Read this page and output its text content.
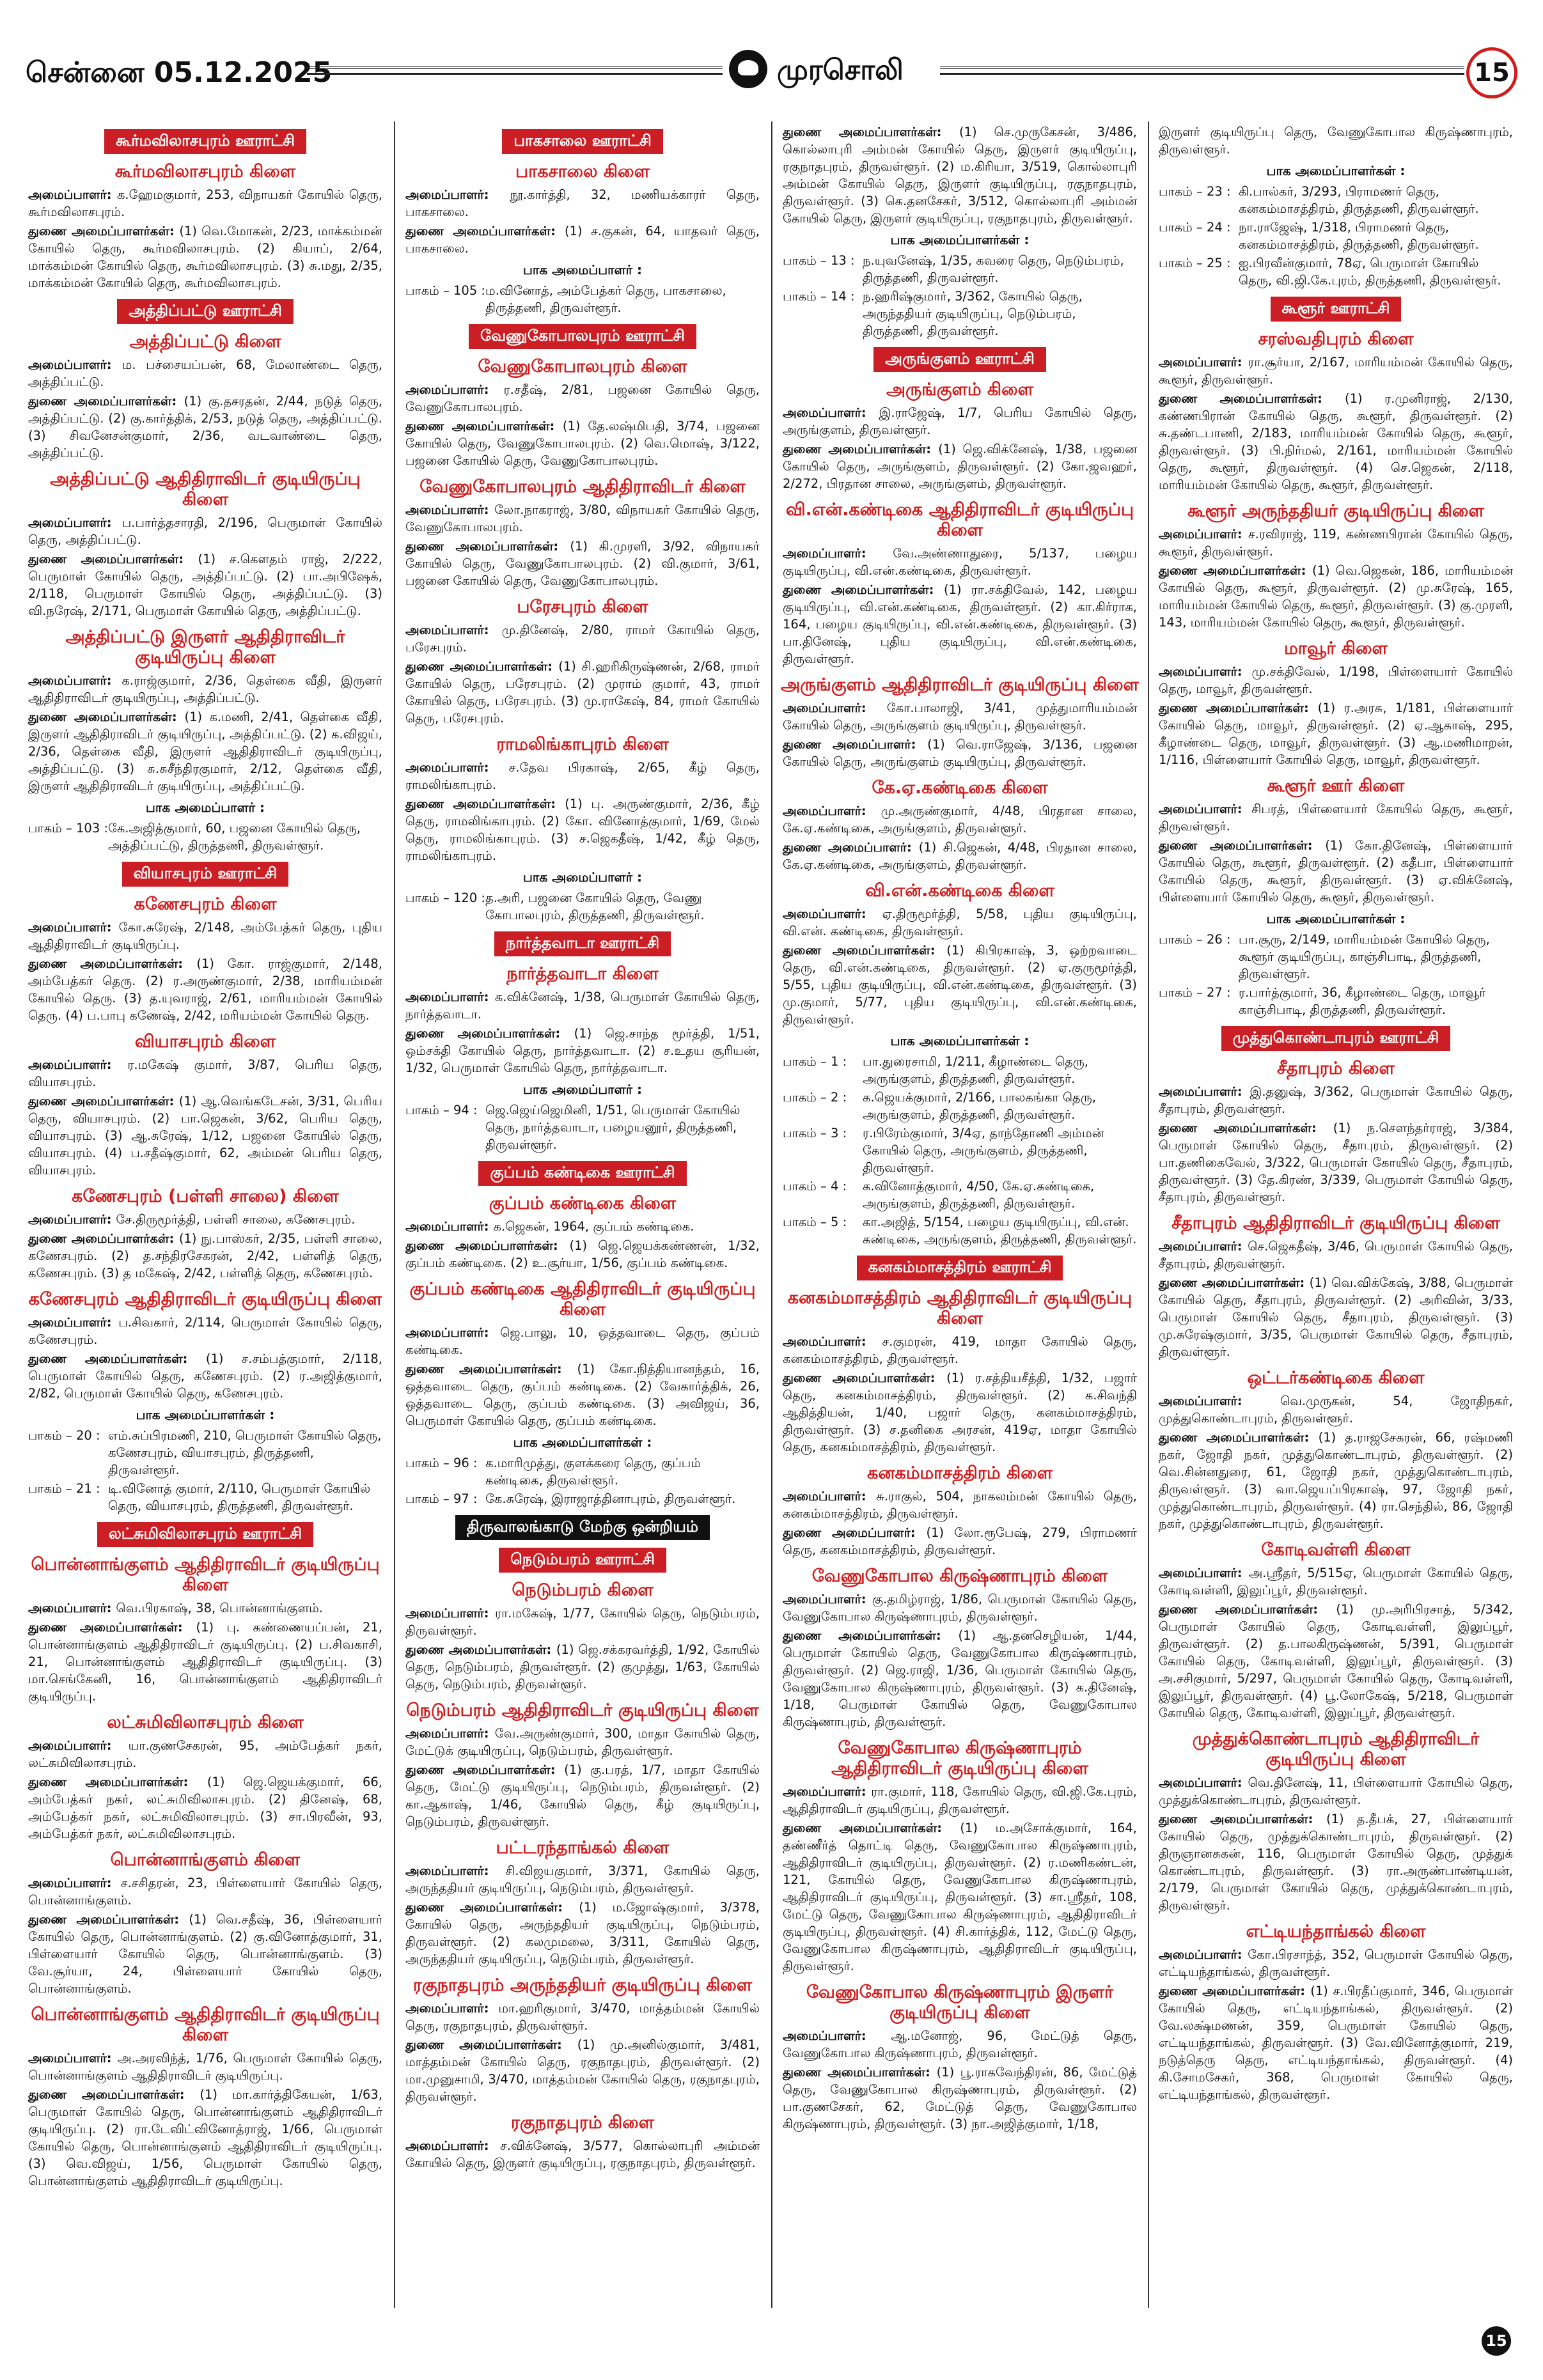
சென்னை 05.12.2025	முரசொலி	15
கூர்மவிலாசபுரம் ஊராட்சி
கூர்மவிலாசபுரம் கிளை
அமைப்பாளர்: க.ஹேமகுமார், 253, விநாயகர் கோயில் தெரு, கூர்மவிலாசபுரம்.
துணை அமைப்பாளர்கள்: (1) வெ.மோகன், 2/23, மாக்கம்மன் கோயில் தெரு, கூர்மவிலாசபுரம். (2) கியாப், 2/64, மாக்கம்மன் கோயில் தெரு, கூர்மவிலாசபுரம். (3) சு.மது, 2/35, மாக்கம்மன் கோயில் தெரு, கூர்மவிலாசபுரம்.
அத்திப்பட்டு ஊராட்சி
அத்திப்பட்டு கிளை
அமைப்பாளர்: ம. பச்சையப்பன், 68, மேலாண்டை தெரு, அத்திப்பட்டு.
துணை அமைப்பாளர்கள்: (1) கு.தசரதன், 2/44, நடுத் தெரு, அத்திப்பட்டு. (2) கு.கார்த்திக், 2/53, நடுத் தெரு, அத்திப்பட்டு. (3) சிவனேசன்குமார், 2/36, வடவாண்டை தெரு, அத்திப்பட்டு.
அத்திப்பட்டு ஆதிதிராவிடர் குடியிருப்பு கிளை
அமைப்பாளர்: ப.பார்த்தசாரதி, 2/196, பெருமாள் கோயில் தெரு, அத்திப்பட்டு.
துணை அமைப்பாளர்கள்: (1) ச.கௌதம் ராஜ், 2/222, பெருமாள் கோயில் தெரு, அத்திப்பட்டு. (2) பா.அபிஷேக், 2/118, பெருமாள் கோயில் தெரு, அத்திப்பட்டு. (3) வி.நரேஷ், 2/171, பெருமாள் கோயில் தெரு, அத்திப்பட்டு.
அத்திப்பட்டு இருளர் ஆதிதிராவிடர் குடியிருப்பு கிளை
அமைப்பாளர்: க.ராஜ்குமார், 2/36, தெள்கை வீதி, இருளர் ஆதிதிராவிடர் குடியிருப்பு, அத்திப்பட்டு.
துணை அமைப்பாளர்கள்: (1) க.மணி, 2/41, தெள்கை வீதி, இருளர் ஆதிதிராவிடர் குடியிருப்பு, அத்திப்பட்டு. (2) க.விஜய், 2/36, தெள்கை வீதி, இருளர் ஆதிதிராவிடர் குடியிருப்பு, அத்திப்பட்டு. (3) சு.சுசீந்திரகுமார், 2/12, தெள்கை வீதி, இருளர் ஆதிதிராவிடர் குடியிருப்பு, அத்திப்பட்டு.
பாக அமைப்பாளர் :
பாகம் – 103 : கே.அஜித்குமார், 60, பஜனை கோயில் தெரு, அத்திப்பட்டு, திருத்தணி, திருவள்ளூர்.
வியாசபுரம் ஊராட்சி
கணேசபுரம் கிளை
அமைப்பாளர்: கோ.சுரேஷ், 2/148, அம்பேத்கர் தெரு, புதிய ஆதிதிராவிடர் குடியிருப்பு.
துணை அமைப்பாளர்கள்: (1) கோ. ராஜ்குமார், 2/148, அம்பேத்கர் தெரு. (2) ர.அருண்குமார், 2/38, மாரியம்மன் கோயில் தெரு. (3) த.யுவராஜ், 2/61, மாரியம்மன் கோயில் தெரு. (4) ப.பாபு கணேஷ், 2/42, மரியம்மன் கோயில் தெரு.
வியாசபுரம் கிளை
அமைப்பாளர்: ர.மகேஷ் குமார், 3/87, பெரிய தெரு, வியாசபுரம்.
துணை அமைப்பாளர்கள்: (1) ஆ.வெங்கடேசன், 3/31, பெரிய தெரு, வியாசபுரம். (2) பா.ஜெகன், 3/62, பெரிய தெரு, வியாசபுரம். (3) ஆ.சுரேஷ், 1/12, பஜனை கோயில் தெரு, வியாசபுரம். (4) ப.சதீஷ்குமார், 62, அம்மன் பெரிய தெரு, வியாசபுரம்.
கணேசபுரம் (பள்ளி சாலை) கிளை
அமைப்பாளர்: சே.திருமூர்த்தி, பள்ளி சாலை, கணேசபுரம்.
துணை அமைப்பாளர்கள்: (1) நு.பாஸ்கர், 2/35, பள்ளி சாலை, கணேசபுரம். (2) த.சந்திரசேகரன், 2/42, பள்ளித் தெரு, கணேசபுரம். (3) த மகேஷ், 2/42, பள்ளித் தெரு, கணேசபுரம்.
கணேசபுரம் ஆதிதிராவிடர் குடியிருப்பு கிளை
அமைப்பாளர்: ப.சிவகார், 2/114, பெருமாள் கோயில் தெரு, கணேசபுரம்.
துணை அமைப்பாளர்கள்: (1) ச.சம்பத்குமார், 2/118, பெருமாள் கோயில் தெரு, கணேசபுரம். (2) ர.அஜித்குமார், 2/82, பெருமாள் கோயில் தெரு, கணேசபுரம்.
பாக அமைப்பாளர்கள் :
பாகம் – 20 : எம்.சுப்பிரமணி, 210, பெருமாள் கோயில் தெரு, கணேசபுரம், வியாசபுரம், திருத்தணி, திருவள்ளூர்.
பாகம் – 21 : டி.வினோத் குமார், 2/110, பெருமாள் கோயில் தெரு, வியாசபுரம், திருத்தணி, திருவள்ளூர்.
லட்சுமிவிலாசபுரம் ஊராட்சி
பொன்னாங்குளம் ஆதிதிராவிடர் குடியிருப்பு கிளை
அமைப்பாளர்: வெ.பிரகாஷ், 38, பொன்னாங்குளம்.
துணை அமைப்பாளர்கள்: (1) பு. கண்ணையப்பன், 21, பொன்னாங்குளம் ஆதிதிராவிடர் குடியிருப்பு. (2) ப.சிவகாசி, 21, பொன்னாங்குளம் ஆதிதிராவிடர் குடியிருப்பு. (3) மா.செங்கேனி, 16, பொன்னாங்குளம் ஆதிதிராவிடர் குடியிருப்பு.
லட்சுமிவிலாசபுரம் கிளை
அமைப்பாளர்: யா.குணசேகரன், 95, அம்பேத்கர் நகர், லட்சுமிவிலாசபுரம்.
துணை அமைப்பாளர்கள்: (1) ஜெ.ஜெயக்குமார், 66, அம்பேத்கர் நகர், லட்சுமிவிலாசபுரம். (2) தினேஷ், 68, அம்பேத்கர் நகர், லட்சுமிவிலாசபுரம். (3) சா.பிரவீன், 93, அம்பேத்கர் நகர், லட்சுமிவிலாசபுரம்.
பொன்னாங்குளம் கிளை
அமைப்பாளர்: ச.சசிதரன், 23, பிள்ளையார் கோயில் தெரு, பொன்னாங்குளம்.
துணை அமைப்பாளர்கள்: (1) வெ.சதீஷ், 36, பிள்ளையார் கோயில் தெரு, பொன்னாங்குளம். (2) கு.வினோத்குமார், 31, பிள்ளையார் கோயில் தெரு, பொன்னாங்குளம். (3) வே.சூர்யா, 24, பிள்ளையார் கோயில் தெரு, பொன்னாங்குளம்.
பொன்னாங்குளம் ஆதிதிராவிடர் குடியிருப்பு கிளை
அமைப்பாளர்: அ.அரவிந்த், 1/76, பெருமாள் கோயில் தெரு, பொன்னாங்குளம் ஆதிதிராவிடர் குடியிருப்பு.
துணை அமைப்பாளர்கள்: (1) மா.கார்த்திகேயன், 1/63, பெருமாள் கோயில் தெரு, பொன்னாங்குளம் ஆதிதிராவிடர் குடியிருப்பு. (2) ரா.டேவிட்வினோத்ராஜ், 1/66, பெருமாள் கோயில் தெரு, பொன்னாங்குளம் ஆதிதிராவிடர் குடியிருப்பு. (3) வெ.விஜய், 1/56, பெருமாள் கோயில் தெரு, பொன்னாங்குளம் ஆதிதிராவிடர் குடியிருப்பு.
பாகசாலை ஊராட்சி
பாகசாலை கிளை
அமைப்பாளர்: நூ.கார்த்தி, 32, மணியக்காரர் தெரு, பாகசாலை.
துணை அமைப்பாளர்கள்: (1) ச.குகன், 64, யாதவர் தெரு, பாகசாலை.
பாக அமைப்பாளர் :
பாகம் – 105 : ம.வினோத், அம்பேத்கர் தெரு, பாகசாலை, திருத்தணி, திருவள்ளூர்.
வேணுகோபாலபுரம் ஊராட்சி
வேணுகோபாலபுரம் கிளை
அமைப்பாளர்: ர.சதீஷ், 2/81, பஜனை கோயில் தெரு, வேணுகோபாலபுரம்.
துணை அமைப்பாளர்கள்: (1) தே.லஷ்மிபதி, 3/74, பஜனை கோயில் தெரு, வேணுகோபாலபுரம். (2) வெ.மொஷ், 3/122, பஜனை கோயில் தெரு, வேணுகோபாலபுரம்.
வேணுகோபாலபுரம் ஆதிதிராவிடர் கிளை
அமைப்பாளர்: லோ.நாகராஜ், 3/80, விநாயகர் கோயில் தெரு, வேணுகோபாலபுரம்.
துணை அமைப்பாளர்கள்: (1) கி.முரளி, 3/92, விநாயகர் கோயில் தெரு, வேணுகோபாலபுரம். (2) வி.குமார், 3/61, பஜனை கோயில் தெரு, வேணுகோபாலபுரம்.
பரேசபுரம் கிளை
அமைப்பாளர்: மு.தினேஷ், 2/80, ராமர் கோயில் தெரு, பரேசபுரம்.
துணை அமைப்பாளர்கள்: (1) சி.ஹரிகிருஷ்ணன், 2/68, ராமர் கோயில் தெரு, பரேசபுரம். (2) முராம் குமார், 43, ராமர் கோயில் தெரு, பரேசபுரம். (3) மு.ராகேஷ், 84, ராமர் கோயில் தெரு, பரேசபுரம்.
ராமலிங்காபுரம் கிளை
அமைப்பாளர்: ச.தேவ பிரகாஷ், 2/65, கீழ் தெரு, ராமலிங்காபுரம்.
துணை அமைப்பாளர்கள்: (1) பு. அருண்குமார், 2/36, கீழ் தெரு, ராமலிங்காபுரம். (2) கோ. வினோத்குமார், 1/69, மேல் தெரு, ராமலிங்காபுரம். (3) ச.ஜெகதீஷ், 1/42, கீழ் தெரு, ராமலிங்காபுரம்.
பாக அமைப்பாளர் :
பாகம் – 120 : த.அரி, பஜனை கோயில் தெரு, வேணு கோபாலபுரம், திருத்தணி, திருவள்ளூர்.
நார்த்தவாடா ஊராட்சி
நார்த்தவாடா கிளை
அமைப்பாளர்: க.விக்னேஷ், 1/38, பெருமாள் கோயில் தெரு, நார்த்தவாடா.
துணை அமைப்பாளர்கள்: (1) ஜெ.சாந்த மூர்த்தி, 1/51, ஒம்சக்தி கோயில் தெரு, நார்த்தவாடா. (2) ச.உதய சூரியன், 1/32, பெருமாள் கோயில் தெரு, நார்த்தவாடா.
பாக அமைப்பாளர் :
பாகம் – 94 : ஜெ.ஜெய்ஜெமினி, 1/51, பெருமாள் கோயில் தெரு, நார்த்தவாடா, பழையனூர், திருத்தணி, திருவள்ளூர்.
குப்பம் கண்டிகை ஊராட்சி
குப்பம் கண்டிகை கிளை
அமைப்பாளர்: க.ஜெகன், 1964, குப்பம் கண்டிகை.
துணை அமைப்பாளர்கள்: (1) ஜெ.ஜெயக்கண்ணன், 1/32, குப்பம் கண்டிகை. (2) உ.சூர்யா, 1/56, குப்பம் கண்டிகை.
குப்பம் கண்டிகை ஆதிதிராவிடர் குடியிருப்பு கிளை
அமைப்பாளர்: ஜெ.பாலு, 10, ஒத்தவாடை தெரு, குப்பம் கண்டிகை.
துணை அமைப்பாளர்கள்: (1) கோ.நித்தியானந்தம், 16, ஒத்தவாடை தெரு, குப்பம் கண்டிகை. (2) வேகார்த்திக், 26, ஒத்தவாடை தெரு, குப்பம் கண்டிகை. (3) அவிஜய், 36, பெருமாள் கோயில் தெரு, குப்பம் கண்டிகை.
பாக அமைப்பாளர்கள் :
பாகம் – 96 : க.மாரிமுத்து, குளக்கரை தெரு, குப்பம் கண்டிகை, திருவள்ளூர்.
பாகம் – 97 : கே.சுரேஷ், இராஜாத்தினாபுரம், திருவள்ளூர்.
திருவாலங்காடு மேற்கு ஒன்றியம்
நெடும்பரம் ஊராட்சி
நெடும்பரம் கிளை
அமைப்பாளர்: ரா.மகேஷ், 1/77, கோயில் தெரு, நெடும்பரம், திருவள்ளூர்.
துணை அமைப்பாளர்கள்: (1) ஜெ.சக்கரவர்த்தி, 1/92, கோயில் தெரு, நெடும்பரம், திருவள்ளூர். (2) குமுத்து, 1/63, கோயில் தெரு, நெடும்பரம், திருவள்ளூர்.
நெடும்பரம் ஆதிதிராவிடர் குடியிருப்பு கிளை
அமைப்பாளர்: வே.அருண்குமார், 300, மாதா கோயில் தெரு, மேட்டுக் குடியிருப்பு, நெடும்பரம், திருவள்ளூர்.
துணை அமைப்பாளர்கள்: (1) கு.பரத், 1/7, மாதா கோயில் தெரு, மேட்டு குடியிருப்பு, நெடும்பரம், திருவள்ளூர். (2) கா.ஆகாஷ், 1/46, கோயில் தெரு, கீழ் குடியிருப்பு, நெடும்பரம், திருவள்ளூர்.
பட்டரந்தாங்கல் கிளை
அமைப்பாளர்: சி.விஜயகுமார், 3/371, கோயில் தெரு, அருந்ததியர் குடியிருப்பு, நெடும்பரம், திருவள்ளூர்.
துணை அமைப்பாளர்கள்: (1) ம.ஜோஷ்குமார், 3/378, கோயில் தெரு, அருந்ததியர் குடியிருப்பு, நெடும்பரம், திருவள்ளூர். (2) கலமுமலை, 3/311, கோயில் தெரு, அருந்ததியர் குடியிருப்பு, நெடும்பரம், திருவள்ளூர்.
ரகுநாதபுரம் அருந்ததியர் குடியிருப்பு கிளை
அமைப்பாளர்: மா.ஹரிகுமார், 3/470, மாத்தம்மன் கோயில் தெரு, ரகுநாதபுரம், திருவள்ளூர்.
துணை அமைப்பாளர்கள்: (1) மு.அனில்குமார், 3/481, மாத்தம்மன் கோயில் தெரு, ரகுநாதபுரம், திருவள்ளூர். (2) மா.முனுசாமி, 3/470, மாத்தம்மன் கோயில் தெரு, ரகுநாதபுரம், திருவள்ளூர்.
ரகுநாதபுரம் கிளை
அமைப்பாளர்: ச.விக்னேஷ், 3/577, கொல்லாபுரி அம்மன் கோயில் தெரு, இருளர் குடியிருப்பு, ரகுநாதபுரம், திருவள்ளூர்.
துணை அமைப்பாளர்கள்: (1) செ.முருகேசன், 3/486, கொல்லாபுரி அம்மன் கோயில் தெரு, இருளர் குடியிருப்பு, ரகுநாதபுரம், திருவள்ளூர். (2) ம.கிரியா, 3/519, கொல்லாபுரி அம்மன் கோயில் தெரு, இருளர் குடியிருப்பு, ரகுநாதபுரம், திருவள்ளூர். (3) கெ.தனசேகர், 3/512, கொல்லாபுரி அம்மன் கோயில் தெரு, இருளர் குடியிருப்பு, ரகுநாதபுரம், திருவள்ளூர்.
பாக அமைப்பாளர்கள் :
பாகம் – 13 : ந.யுவனேஷ், 1/35, கவரை தெரு, நெடும்பரம், திருத்தணி, திருவள்ளூர்.
பாகம் – 14 : ந.ஹரிஷ்குமார், 3/362, கோயில் தெரு, அருந்ததியர் குடியிருப்பு, நெடும்பரம், திருத்தணி, திருவள்ளூர்.
அருங்குளம் ஊராட்சி
அருங்குளம் கிளை
அமைப்பாளர்: இ.ராஜேஷ், 1/7, பெரிய கோயில் தெரு, அருங்குளம், திருவள்ளூர்.
துணை அமைப்பாளர்கள்: (1) ஜெ.விக்னேஷ், 1/38, பஜனை கோயில் தெரு, அருங்குளம், திருவள்ளூர். (2) கோ.ஜவஹர், 2/272, பிரதான சாலை, அருங்குளம், திருவள்ளூர்.
வி.என்.கண்டிகை ஆதிதிராவிடர் குடியிருப்பு கிளை
அமைப்பாளர்: வே.அண்ணாதுரை, 5/137, பழைய குடியிருப்பு, வி.என்.கண்டிகை, திருவள்ளூர்.
துணை அமைப்பாளர்கள்: (1) ரா.சக்திவேல், 142, பழைய குடியிருப்பு, வி.என்.கண்டிகை, திருவள்ளூர். (2) கா.கிர்ராக, 164, பழைய குடியிருப்பு, வி.என்.கண்டிகை, திருவள்ளூர். (3) பா.தினேஷ், புதிய குடியிருப்பு, வி.என்.கண்டிகை, திருவள்ளூர்.
அருங்குளம் ஆதிதிராவிடர் குடியிருப்பு கிளை
அமைப்பாளர்: கோ.பாலாஜி, 3/41, முத்துமாரியம்மன் கோயில் தெரு, அருங்குளம் குடியிருப்பு, திருவள்ளூர்.
துணை அமைப்பாளர்: (1) வெ.ராஜேஷ், 3/136, பஜனை கோயில் தெரு, அருங்குளம் குடியிருப்பு, திருவள்ளூர்.
கே.ஏ.கண்டிகை கிளை
அமைப்பாளர்: மு.அருண்குமார், 4/48, பிரதான சாலை, கே.ஏ.கண்டிகை, அருங்குளம், திருவள்ளூர்.
துணை அமைப்பாளர்: (1) சி.ஜெகன், 4/48, பிரதான சாலை, கே.ஏ.கண்டிகை, அருங்குளம், திருவள்ளூர்.
வி.என்.கண்டிகை கிளை
அமைப்பாளர்: ஏ.திருமூர்த்தி, 5/58, புதிய குடியிருப்பு, வி.என். கண்டிகை, திருவள்ளூர்.
துணை அமைப்பாளர்கள்: (1) கிபிரகாஷ், 3, ஒற்றவாடை தெரு, வி.என்.கண்டிகை, திருவள்ளூர். (2) ஏ.குருமூர்த்தி, 5/55, புதிய குடியிருப்பு, வி.என்.கண்டிகை, திருவள்ளூர். (3) மு.குமார், 5/77, புதிய குடியிருப்பு, வி.என்.கண்டிகை, திருவள்ளூர்.
பாக அமைப்பாளர்கள் :
பாகம் – 1 :	பா.துரைசாமி, 1/211, கீழாண்டை தெரு, அருங்குளம், திருத்தணி, திருவள்ளூர்.
பாகம் – 2 :	க.ஜெயக்குமார், 2/166, பாலகங்கா தெரு, அருங்குளம், திருத்தணி, திருவள்ளூர்.
பாகம் – 3 :	ர.பிரேம்குமார், 3/4ஏ, தாந்தோணி அம்மன் கோயில் தெரு, அருங்குளம், திருத்தணி, திருவள்ளூர்.
பாகம் – 4 :	க.வினோத்குமார், 4/50, கே.ஏ.கண்டிகை, அருங்குளம், திருத்தணி, திருவள்ளூர்.
பாகம் – 5 :	கா.அஜித், 5/154, பழைய குடியிருப்பு, வி.என். கண்டிகை, அருங்குளம், திருத்தணி, திருவள்ளூர்.
கனகம்மாசத்திரம் ஊராட்சி
கனகம்மாசத்திரம் ஆதிதிராவிடர் குடியிருப்பு கிளை
அமைப்பாளர்: ச.குமரன், 419, மாதா கோயில் தெரு, கனகம்மாசத்திரம், திருவள்ளூர்.
துணை அமைப்பாளர்கள்: (1) ர.சத்தியசீத்தி, 1/32, பஜார் தெரு, கனகம்மாசத்திரம், திருவள்ளூர். (2) க.சிவந்தி ஆதித்தியன், 1/40, பஜார் தெரு, கனகம்மாசத்திரம், திருவள்ளூர். (3) ச.தனிகை அரசன், 419ஏ, மாதா கோயில் தெரு, கனகம்மாசத்திரம், திருவள்ளூர்.
கனகம்மாசத்திரம் கிளை
அமைப்பாளர்: சு.ராகுல், 504, நாகலம்மன் கோயில் தெரு, கனகம்மாசத்திரம், திருவள்ளூர்.
துணை அமைப்பாளர்: (1) லோ.ரூபேஷ், 279, பிராமணர் தெரு, கனகம்மாசத்திரம், திருவள்ளூர்.
வேணுகோபால கிருஷ்ணாபுரம் கிளை
அமைப்பாளர்: கு.தமிழ்ராஜ், 1/86, பெருமாள் கோயில் தெரு, வேணுகோபால கிருஷ்ணாபுரம், திருவள்ளூர்.
துணை அமைப்பாளர்கள்: (1) ஆ.தனசெழியன், 1/44, பெருமாள் கோயில் தெரு, வேணுகோபால கிருஷ்ணாபுரம், திருவள்ளூர். (2) ஜெ.ராஜி, 1/36, பெருமாள் கோயில் தெரு, வேணுகோபால கிருஷ்ணாபுரம், திருவள்ளூர். (3) க.தினேஷ், 1/18, பெருமாள் கோயில் தெரு, வேணுகோபால கிருஷ்ணாபுரம், திருவள்ளூர்.
வேணுகோபால கிருஷ்ணாபுரம் ஆதிதிராவிடர் குடியிருப்பு கிளை
அமைப்பாளர்: ரா.குமார், 118, கோயில் தெரு, வி.ஜி.கே.புரம், ஆதிதிராவிடர் குடியிருப்பு, திருவள்ளூர்.
துணை அமைப்பாளர்கள்: (1) ம.அசோக்குமார், 164, தண்ணீர்த் தொட்டி தெரு, வேணுகோபால கிருஷ்ணாபுரம், ஆதிதிராவிடர் குடியிருப்பு, திருவள்ளூர். (2) ர.மணிகண்டன், 121, கோயில் தெரு, வேணுகோபால கிருஷ்ணாபுரம், ஆதிதிராவிடர் குடியிருப்பு, திருவள்ளூர். (3) சா.ஸ்ரீதர், 108, மேட்டு தெரு, வேணுகோபால கிருஷ்ணாபுரம், ஆதிதிராவிடர் குடியிருப்பு, திருவள்ளூர். (4) சி.கார்த்திக், 112, மேட்டு தெரு, வேணுகோபால கிருஷ்ணாபுரம், ஆதிதிராவிடர் குடியிருப்பு, திருவள்ளூர்.
வேணுகோபால கிருஷ்ணாபுரம் இருளர் குடியிருப்பு கிளை
அமைப்பாளர்: ஆ.மனோஜ், 96, மேட்டுத் தெரு, வேணுகோபால கிருஷ்ணாபுரம், திருவள்ளூர்.
துணை அமைப்பாளர்கள்: (1) பூ.ராகவேந்திரன், 86, மேட்டுத் தெரு, வேணுகோபால கிருஷ்ணாபுரம், திருவள்ளூர். (2) பா.குணசேகர், 62, மேட்டுத் தெரு, வேணுகோபால கிருஷ்ணாபுரம், திருவள்ளூர். (3) நா.அஜித்குமார், 1/18,
இருளர் குடியிருப்பு தெரு, வேணுகோபால கிருஷ்ணாபுரம், திருவள்ளூர்.
பாக அமைப்பாளர்கள் :
பாகம் – 23 : கி.பால்கர், 3/293, பிராமணர் தெரு, கனகம்மாசத்திரம், திருத்தணி, திருவள்ளூர்.
பாகம் – 24 : நா.ராஜேஷ், 1/318, பிராமணர் தெரு, கனகம்மாசத்திரம், திருத்தணி, திருவள்ளூர்.
பாகம் – 25 : ஐ.பிரவீன்குமார், 78ஏ, பெருமாள் கோயில் தெரு, வி.ஜி.கே.புரம், திருத்தணி, திருவள்ளூர்.
கூளூர் ஊராட்சி
சரஸ்வதிபுரம் கிளை
அமைப்பாளர்: ரா.சூர்யா, 2/167, மாரியம்மன் கோயில் தெரு, கூளூர், திருவள்ளூர்.
துணை அமைப்பாளர்கள்: (1) ர.முனிராஜ், 2/130, கண்ணபிரான் கோயில் தெரு, கூளூர், திருவள்ளூர். (2) சு.தண்டபாணி, 2/183, மாரியம்மன் கோயில் தெரு, கூளூர், திருவள்ளூர். (3) பி.நிர்மல், 2/161, மாரியம்மன் கோயில் தெரு, கூளூர், திருவள்ளூர். (4) செ.ஜெகன், 2/118, மாரியம்மன் கோயில் தெரு, கூளூர், திருவள்ளூர்.
கூளூர் அருந்ததியர் குடியிருப்பு கிளை
அமைப்பாளர்: ச.ரவிராஜ், 119, கண்ணபிரான் கோயில் தெரு, கூளூர், திருவள்ளூர்.
துணை அமைப்பாளர்கள்: (1) வெ.ஜெகன், 186, மாரியம்மன் கோயில் தெரு, கூளூர், திருவள்ளூர். (2) மு.சுரேஷ், 165, மாரியம்மன் கோயில் தெரு, கூளூர், திருவள்ளூர். (3) கு.முரளி, 143, மாரியம்மன் கோயில் தெரு, கூளூர், திருவள்ளூர்.
மாவூர் கிளை
அமைப்பாளர்: மு.சக்திவேல், 1/198, பிள்ளையார் கோயில் தெரு, மாவூர், திருவள்ளூர்.
துணை அமைப்பாளர்கள்: (1) ர.அரசு, 1/181, பிள்ளையார் கோயில் தெரு, மாவூர், திருவள்ளூர். (2) ஏ.ஆகாஷ், 295, கீழாண்டை தெரு, மாவூர், திருவள்ளூர். (3) ஆ.மணிமாறன், 1/116, பிள்ளையார் கோயில் தெரு, மாவூர், திருவள்ளூர்.
கூளூர் ஊர் கிளை
அமைப்பாளர்: சிபரத், பிள்ளையார் கோயில் தெரு, கூளூர், திருவள்ளூர்.
துணை அமைப்பாளர்கள்: (1) கோ.தினேஷ், பிள்ளையார் கோயில் தெரு, கூளூர், திருவள்ளூர். (2) கதீபா, பிள்ளையார் கோயில் தெரு, கூளூர், திருவள்ளூர். (3) ஏ.விக்னேஷ், பிள்ளையார் கோயில் தெரு, கூளூர், திருவள்ளூர்.
பாக அமைப்பாளர்கள் :
பாகம் – 26 : பா.சூரு, 2/149, மாரியம்மன் கோயில் தெரு, கூளூர் குடியிருப்பு, காஞ்சிபாடி, திருத்தணி, திருவள்ளூர்.
பாகம் – 27 : ர.பார்த்குமார், 36, கீழாண்டை தெரு, மாவூர் காஞ்சிபாடி, திருத்தணி, திருவள்ளூர்.
முத்துகொண்டாபுரம் ஊராட்சி
சீதாபுரம் கிளை
அமைப்பாளர்: இ.தனுஷ், 3/362, பெருமாள் கோயில் தெரு, சீதாபுரம், திருவள்ளூர்.
துணை அமைப்பாளர்கள்: (1) ந.சௌந்தர்ராஜ், 3/384, பெருமாள் கோயில் தெரு, சீதாபுரம், திருவள்ளூர். (2) பா.தணிகைவேல், 3/322, பெருமாள் கோயில் தெரு, சீதாபுரம், திருவள்ளூர். (3) தே.கிரண், 3/339, பெருமாள் கோயில் தெரு, சீதாபுரம், திருவள்ளூர்.
சீதாபுரம் ஆதிதிராவிடர் குடியிருப்பு கிளை
அமைப்பாளர்: செ.ஜெகதீஷ், 3/46, பெருமாள் கோயில் தெரு, சீதாபுரம், திருவள்ளூர்.
துணை அமைப்பாளர்கள்: (1) வெ.விக்கேஷ், 3/88, பெருமாள் கோயில் தெரு, சீதாபுரம், திருவள்ளூர். (2) அரிவின், 3/33, பெருமாள் கோயில் தெரு, சீதாபுரம், திருவள்ளூர். (3) மு.சுரேஷ்குமார், 3/35, பெருமாள் கோயில் தெரு, சீதாபுரம், திருவள்ளூர்.
ஒட்டர்கண்டிகை கிளை
அமைப்பாளர்: வெ.முருகன், 54, ஜோதிநகர், முத்துகொண்டாபுரம், திருவள்ளூர்.
துணை அமைப்பாளர்கள்: (1) த.ராஜசேகரன், 66, ரஷ்மணி நகர், ஜோதி நகர், முத்துகொண்டாபுரம், திருவள்ளூர். (2) வெ.சின்னதுரை, 61, ஜோதி நகர், முத்துகொண்டாபுரம், திருவள்ளூர். (3) வா.ஜெயப்பிரகாஷ், 97, ஜோதி நகர், முத்துகொண்டாபுரம், திருவள்ளூர். (4) ரா.செந்தில், 86, ஜோதி நகர், முத்துகொண்டாபுரம், திருவள்ளூர்.
கோடிவள்ளி கிளை
அமைப்பாளர்: அ.ஸ்ரீதர், 5/515ஏ, பெருமாள் கோயில் தெரு, கோடிவள்ளி, இலுப்பூர், திருவள்ளூர்.
துணை அமைப்பாளர்கள்: (1) மு.அரிபிரசாத், 5/342, பெருமாள் கோயில் தெரு, கோடிவள்ளி, இலுப்பூர், திருவள்ளூர். (2) த.பாலகிருஷ்ணன், 5/391, பெருமாள் கோயில் தெரு, கோடிவள்ளி, இலுப்பூர், திருவள்ளூர். (3) அ.சசிகுமார், 5/297, பெருமாள் கோயில் தெரு, கோடிவள்ளி, இலுப்பூர், திருவள்ளூர். (4) பூ.லோகேஷ், 5/218, பெருமாள் கோயில் தெரு, கோடிவள்ளி, இலுப்பூர், திருவள்ளூர்.
முத்துக்கொண்டாபுரம் ஆதிதிராவிடர் குடியிருப்பு கிளை
அமைப்பாளர்: வெ.தினேஷ், 11, பிள்ளையார் கோயில் தெரு, முத்துக்கொண்டாபுரம், திருவள்ளூர்.
துணை அமைப்பாளர்கள்: (1) த.தீபக், 27, பிள்ளையார் கோயில் தெரு, முத்துக்கொண்டாபுரம், திருவள்ளூர். (2) திருஞானசுகன், 116, பெருமாள் கோயில் தெரு, முத்துக் கொண்டாபுரம், திருவள்ளூர். (3) ரா.அருண்பாண்டியன், 2/179, பெருமாள் கோயில் தெரு, முத்துக்கொண்டாபுரம், திருவள்ளூர்.
எட்டியந்தாங்கல் கிளை
அமைப்பாளர்: கோ.பிரசாந்த், 352, பெருமாள் கோயில் தெரு, எட்டியந்தாங்கல், திருவள்ளூர்.
துணை அமைப்பாளர்கள்: (1) ச.பிரதீப்குமார், 346, பெருமாள் கோயில் தெரு, எட்டியந்தாங்கல், திருவள்ளூர். (2) வே.லக்ஷ்மணன், 359, பெருமாள் கோயில் தெரு, எட்டியந்தாங்கல், திருவள்ளூர். (3) வே.வினோத்குமார், 219, நடுத்தெரு தெரு, எட்டியந்தாங்கல், திருவள்ளூர். (4) கி.சோமசேகர், 368, பெருமாள் கோயில் தெரு, எட்டியந்தாங்கல், திருவள்ளூர்.
15
